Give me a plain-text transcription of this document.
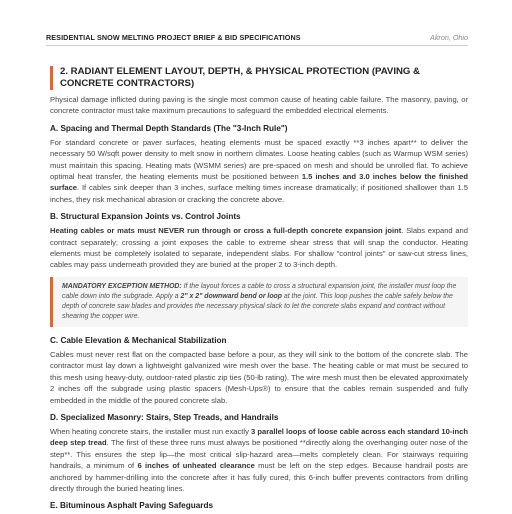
RESIDENTIAL SNOW MELTING PROJECT BRIEF & BID SPECIFICATIONS	Akron, Ohio
2. RADIANT ELEMENT LAYOUT, DEPTH, & PHYSICAL PROTECTION (PAVING & CONCRETE CONTRACTORS)

Physical damage inflicted during paving is the single most common cause of heating cable failure. The masonry, paving, or concrete contractor must take maximum precautions to safeguard the embedded electrical elements.

A. Spacing and Thermal Depth Standards (The "3-Inch Rule")

For standard concrete or paver surfaces, heating elements must be spaced exactly **3 inches apart** to deliver the necessary 50 W/sqft power density to melt snow in northern climates. Loose heating cables (such as Warmup WSM series) must maintain this spacing. Heating mats (WSMM series) are pre-spaced on mesh and should be unrolled flat. To achieve optimal heat transfer, the heating elements must be positioned between 1.5 inches and 3.0 inches below the finished surface. If cables sink deeper than 3 inches, surface melting times increase dramatically; if positioned shallower than 1.5 inches, they risk mechanical abrasion or cracking the concrete above.

B. Structural Expansion Joints vs. Control Joints

Heating cables or mats must NEVER run through or cross a full-depth concrete expansion joint. Slabs expand and contract separately; crossing a joint exposes the cable to extreme shear stress that will snap the conductor. Heating elements must be completely isolated to separate, independent slabs. For shallow "control joints" or saw-cut stress lines, cables may pass underneath provided they are buried at the proper 2 to 3-inch depth.

MANDATORY EXCEPTION METHOD: If the layout forces a cable to cross a structural expansion joint, the installer must loop the cable down into the subgrade. Apply a 2" x 2" downward bend or loop at the joint. This loop pushes the cable safely below the depth of concrete saw blades and provides the necessary physical slack to let the concrete slabs expand and contract without shearing the copper wire.
C. Cable Elevation & Mechanical Stabilization

Cables must never rest flat on the compacted base before a pour, as they will sink to the bottom of the concrete slab. The contractor must lay down a lightweight galvanized wire mesh over the base. The heating cable or mat must be secured to this mesh using heavy-duty, outdoor-rated plastic zip ties (50-lb rating). The wire mesh must then be elevated approximately 2 inches off the subgrade using plastic spacers (Mesh-Ups®) to ensure that the cables remain suspended and fully embedded in the middle of the poured concrete slab.

D. Specialized Masonry: Stairs, Step Treads, and Handrails

When heating concrete stairs, the installer must run exactly 3 parallel loops of loose cable across each standard 10-inch deep step tread. The first of these three runs must always be positioned **directly along the overhanging outer nose of the step**. This ensures the step lip—the most critical slip-hazard area—melts completely clean. For stairways requiring handrails, a minimum of 6 inches of unheated clearance must be left on the step edges. Because handrail posts are anchored by hammer-drilling into the concrete after it has fully cured, this 6-inch buffer prevents contractors from drilling directly through the buried heating lines.

E. Bituminous Asphalt Paving Safeguards
